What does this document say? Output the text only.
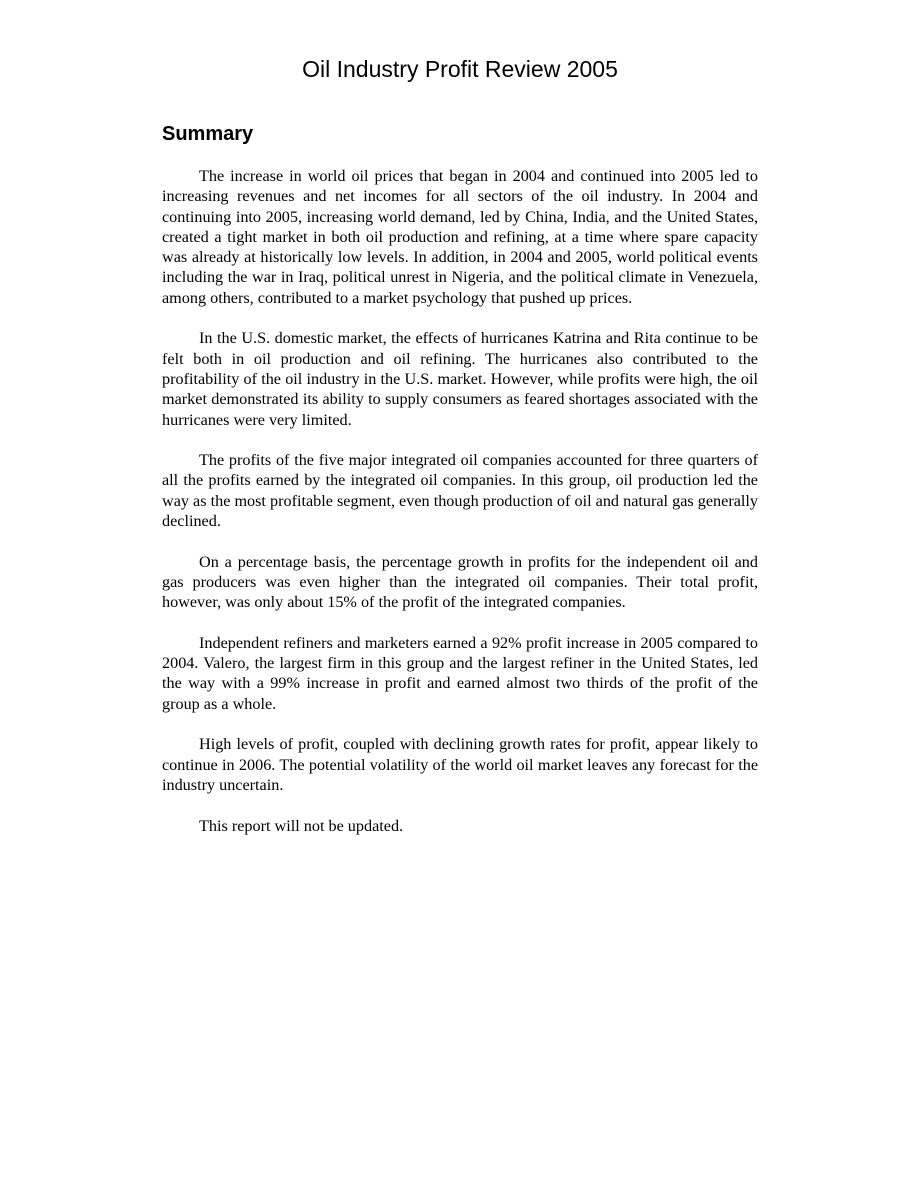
Oil Industry Profit Review 2005
Summary

The increase in world oil prices that began in 2004 and continued into 2005 led to increasing revenues and net incomes for all sectors of the oil industry. In 2004 and continuing into 2005, increasing world demand, led by China, India, and the United States, created a tight market in both oil production and refining, at a time where spare capacity was already at historically low levels. In addition, in 2004 and 2005, world political events including the war in Iraq, political unrest in Nigeria, and the political climate in Venezuela, among others, contributed to a market psychology that pushed up prices.

In the U.S. domestic market, the effects of hurricanes Katrina and Rita continue to be felt both in oil production and oil refining. The hurricanes also contributed to the profitability of the oil industry in the U.S. market. However, while profits were high, the oil market demonstrated its ability to supply consumers as feared shortages associated with the hurricanes were very limited.

The profits of the five major integrated oil companies accounted for three quarters of all the profits earned by the integrated oil companies. In this group, oil production led the way as the most profitable segment, even though production of oil and natural gas generally declined.

On a percentage basis, the percentage growth in profits for the independent oil and gas producers was even higher than the integrated oil companies. Their total profit, however, was only about 15% of the profit of the integrated companies.

Independent refiners and marketers earned a 92% profit increase in 2005 compared to 2004. Valero, the largest firm in this group and the largest refiner in the United States, led the way with a 99% increase in profit and earned almost two thirds of the profit of the group as a whole.

High levels of profit, coupled with declining growth rates for profit, appear likely to continue in 2006. The potential volatility of the world oil market leaves any forecast for the industry uncertain.

This report will not be updated.
